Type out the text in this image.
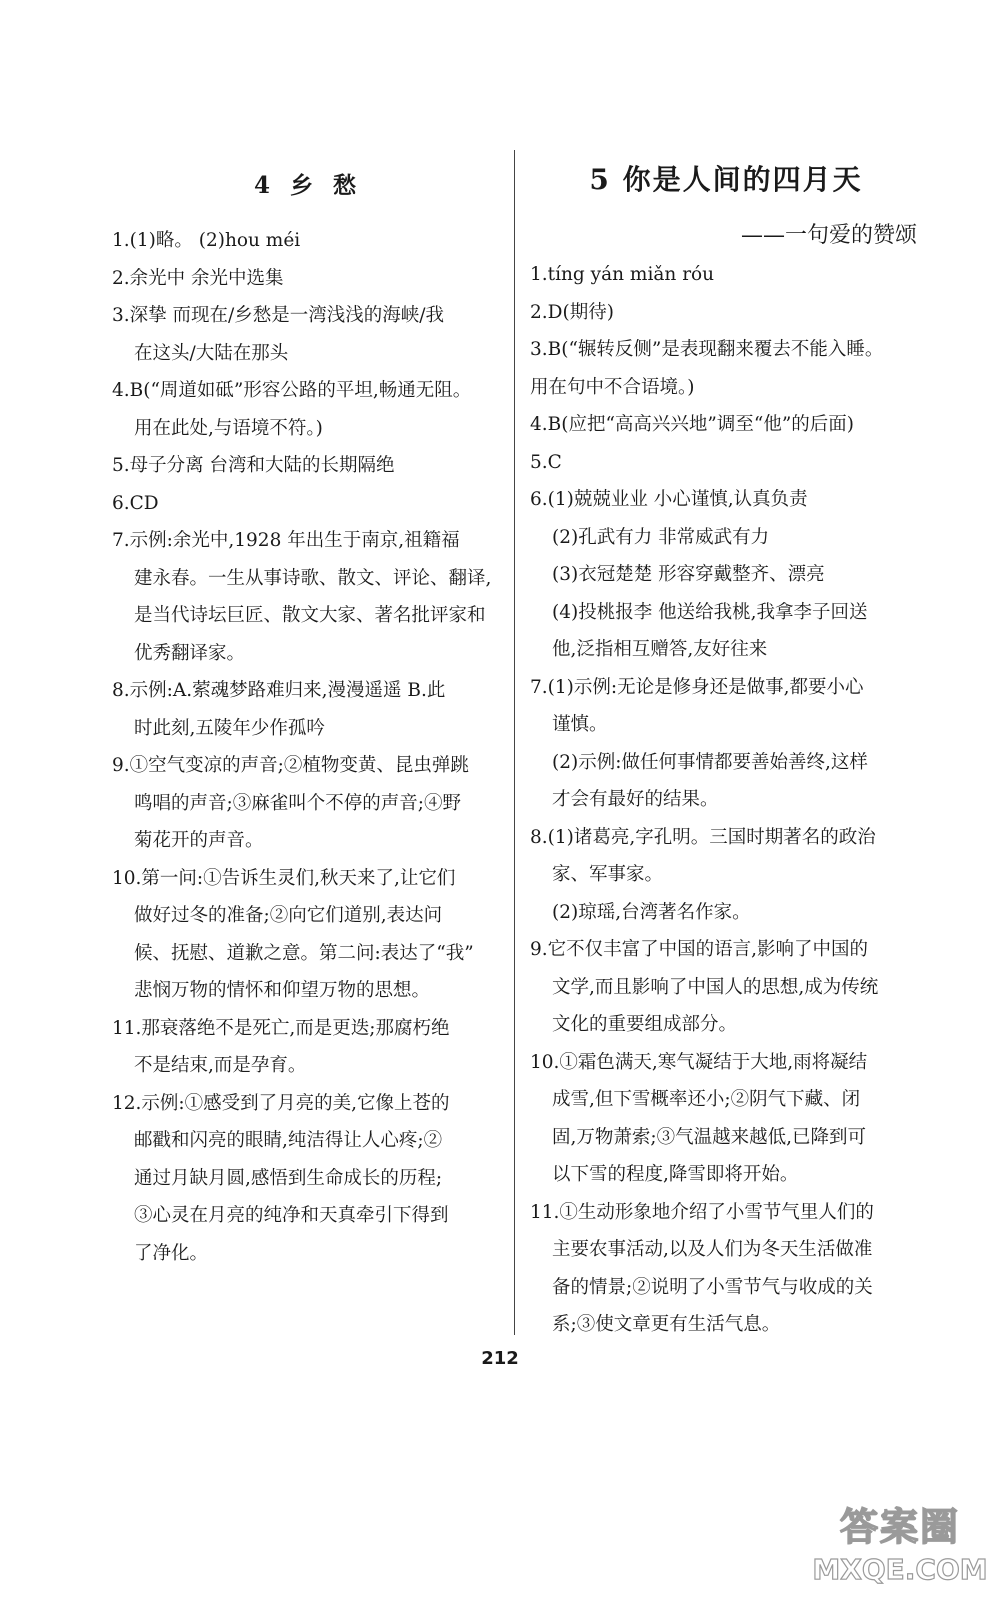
4 乡 愁
1.(1)略。 (2)hou méi
2.余光中 余光中选集
3.深挚 而现在/乡愁是一湾浅浅的海峡/我
在这头/大陆在那头
4.B(“周道如砥”形容公路的平坦,畅通无阻。
用在此处,与语境不符。)
5.母子分离 台湾和大陆的长期隔绝
6.CD
7.示例:余光中,1928 年出生于南京,祖籍福
建永春。一生从事诗歌、散文、评论、翻译,
是当代诗坛巨匠、散文大家、著名批评家和
优秀翻译家。
8.示例:A.萦魂梦路难归来,漫漫遥遥 B.此
时此刻,五陵年少作孤吟
9.①空气变凉的声音;②植物变黄、昆虫弹跳
鸣唱的声音;③麻雀叫个不停的声音;④野
菊花开的声音。
10.第一问:①告诉生灵们,秋天来了,让它们
做好过冬的准备;②向它们道别,表达问
候、抚慰、道歉之意。第二问:表达了“我”
悲悯万物的情怀和仰望万物的思想。
11.那衰落绝不是死亡,而是更迭;那腐朽绝
不是结束,而是孕育。
12.示例:①感受到了月亮的美,它像上苍的
邮戳和闪亮的眼睛,纯洁得让人心疼;②
通过月缺月圆,感悟到生命成长的历程;
③心灵在月亮的纯净和天真牵引下得到
了净化。
5 你是人间的四月天

——一句爱的赞颂

1.tíng yán miǎn róu
2.D(期待)
3.B(“辗转反侧”是表现翻来覆去不能入睡。
用在句中不合语境。)
4.B(应把“高高兴兴地”调至“他”的后面)
5.C
6.(1)兢兢业业 小心谨慎,认真负责
(2)孔武有力 非常威武有力
(3)衣冠楚楚 形容穿戴整齐、漂亮
(4)投桃报李 他送给我桃,我拿李子回送
他,泛指相互赠答,友好往来
7.(1)示例:无论是修身还是做事,都要小心
谨慎。
(2)示例:做任何事情都要善始善终,这样
才会有最好的结果。
8.(1)诸葛亮,字孔明。三国时期著名的政治
家、军事家。
(2)琼瑶,台湾著名作家。
9.它不仅丰富了中国的语言,影响了中国的
文学,而且影响了中国人的思想,成为传统
文化的重要组成部分。
10.①霜色满天,寒气凝结于大地,雨将凝结
成雪,但下雪概率还小;②阴气下藏、闭
固,万物萧索;③气温越来越低,已降到可
以下雪的程度,降雪即将开始。
11.①生动形象地介绍了小雪节气里人们的
主要农事活动,以及人们为冬天生活做准
备的情景;②说明了小雪节气与收成的关
系;③使文章更有生活气息。

212

答案圈
MXQE.COM
